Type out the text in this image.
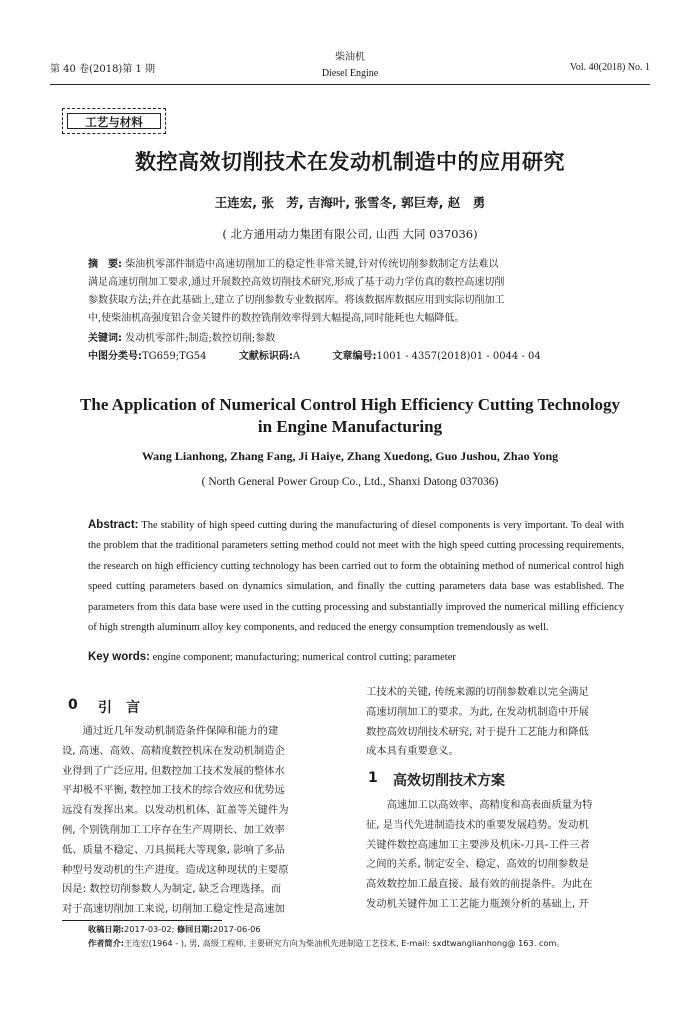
第 40 卷(2018)第 1 期
柴油机
Diesel Engine
Vol. 40(2018) No. 1
工艺与材料
数控高效切削技术在发动机制造中的应用研究
王连宏, 张　芳, 吉海叶, 张雪冬, 郭巨寿, 赵　勇
( 北方通用动力集团有限公司, 山西 大同 037036)
摘　要: 柴油机零部件制造中高速切削加工的稳定性非常关键,针对传统切削参数制定方法难以
满足高速切削加工要求,通过开展数控高效切削技术研究,形成了基于动力学仿真的数控高速切削
参数获取方法;并在此基础上,建立了切削参数专业数据库。将该数据库数据应用到实际切削加工
中,使柴油机高强度铝合金关键件的数控铣削效率得到大幅提高,同时能耗也大幅降低。
关键词: 发动机零部件;制造;数控切削;参数
中图分类号:TG659;TG54	文献标识码:A	文章编号:1001 - 4357(2018)01 - 0044 - 04
The Application of Numerical Control High Efficiency Cutting Technology
in Engine Manufacturing
Wang Lianhong, Zhang Fang, Ji Haiye, Zhang Xuedong, Guo Jushou, Zhao Yong
( North General Power Group Co., Ltd., Shanxi Datong 037036)
Abstract: The stability of high speed cutting during the manufacturing of diesel components is very important. To deal with the problem that the traditional parameters setting method could not meet with the high speed cutting processing requirements, the research on high efficiency cutting technology has been carried out to form the obtaining method of numerical control high speed cutting parameters based on dynamics simulation, and finally the cutting parameters data base was established. The parameters from this data base were used in the cutting processing and substantially improved the numerical milling efficiency of high strength aluminum alloy key components, and reduced the energy consumption tremendously as well.
Key words: engine component; manufacturing; numerical control cutting; parameter
0 引　言
　　通过近几年发动机制造条件保障和能力的建
设, 高速、高效、高精度数控机床在发动机制造企
业得到了广泛应用, 但数控加工技术发展的整体水
平却极不平衡, 数控加工技术的综合效应和优势远
远没有发挥出来。以发动机机体、缸盖等关键件为
例, 个别铣削加工工序存在生产周期长、加工效率
低、质量不稳定、刀具损耗大等现象, 影响了多品
种型号发动机的生产进度。造成这种现状的主要原
因是: 数控切削参数人为制定, 缺乏合理选择。而
对于高速切削加工来说, 切削加工稳定性是高速加
工技术的关键, 传统来源的切削参数难以完全满足
高速切削加工的要求。为此, 在发动机制造中开展
数控高效切削技术研究, 对于提升工艺能力和降低
成本具有重要意义。
1 高效切削技术方案
　　高速加工以高效率、高精度和高表面质量为特
征, 是当代先进制造技术的重要发展趋势。发动机
关键件数控高速加工主要涉及机床-刀具-工件三者
之间的关系, 制定安全、稳定、高效的切削参数是
高效数控加工最直接、最有效的前提条件。为此在
发动机关键件加工工艺能力瓶颈分析的基础上, 开
收稿日期:2017-03-02; 修回日期:2017-06-06
作者简介:王连宏(1964 - ), 男, 高级工程师, 主要研究方向为柴油机先进制造工艺技术, E-mail: sxdtwanglianhong@ 163. com。
